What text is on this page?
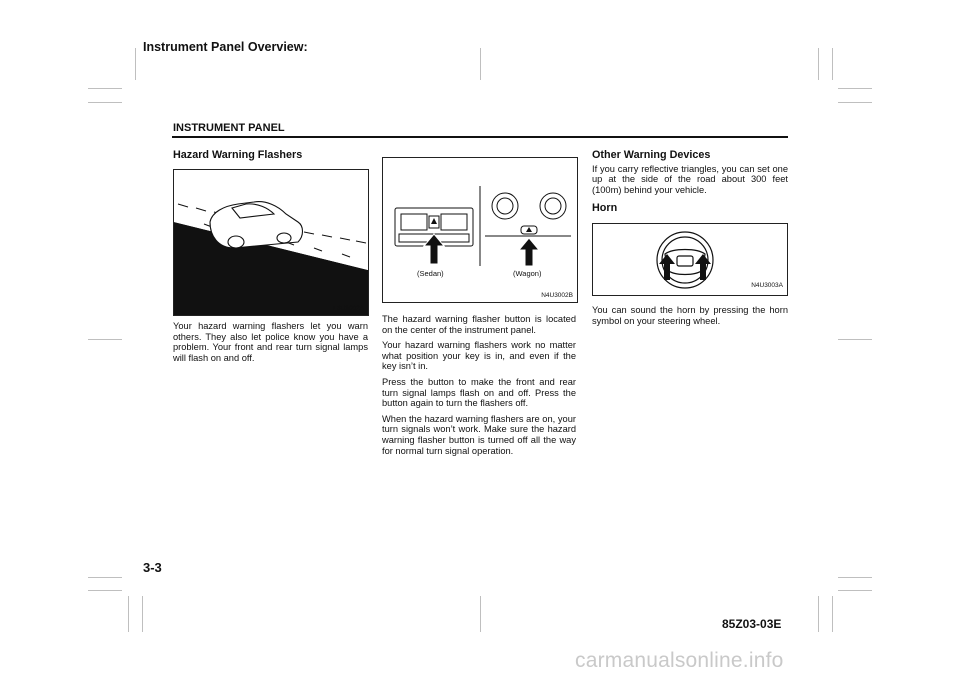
Instrument Panel Overview:
INSTRUMENT PANEL
Hazard Warning Flashers
L3U3002A

Your hazard warning flashers let you warn others. They also let police know you have a problem. Your front and rear turn signal lamps will flash on and off.

(Sedan)	(Wagon)
N4U3002B

The hazard warning flasher button is located on the center of the instrument panel.

Your hazard warning flashers work no matter what position your key is in, and even if the key isn’t in.

Press the button to make the front and rear turn signal lamps flash on and off. Press the button again to turn the flashers off.

When the hazard warning flashers are on, your turn signals won’t work. Make sure the hazard warning flasher button is turned off all the way for normal turn signal operation.

Other Warning Devices

If you carry reflective triangles, you can set one up at the side of the road about 300 feet (100m) behind your vehicle.

Horn
N4U3003A

You can sound the horn by pressing the horn symbol on your steering wheel.

3-3
85Z03-03E
carmanualsonline.info
